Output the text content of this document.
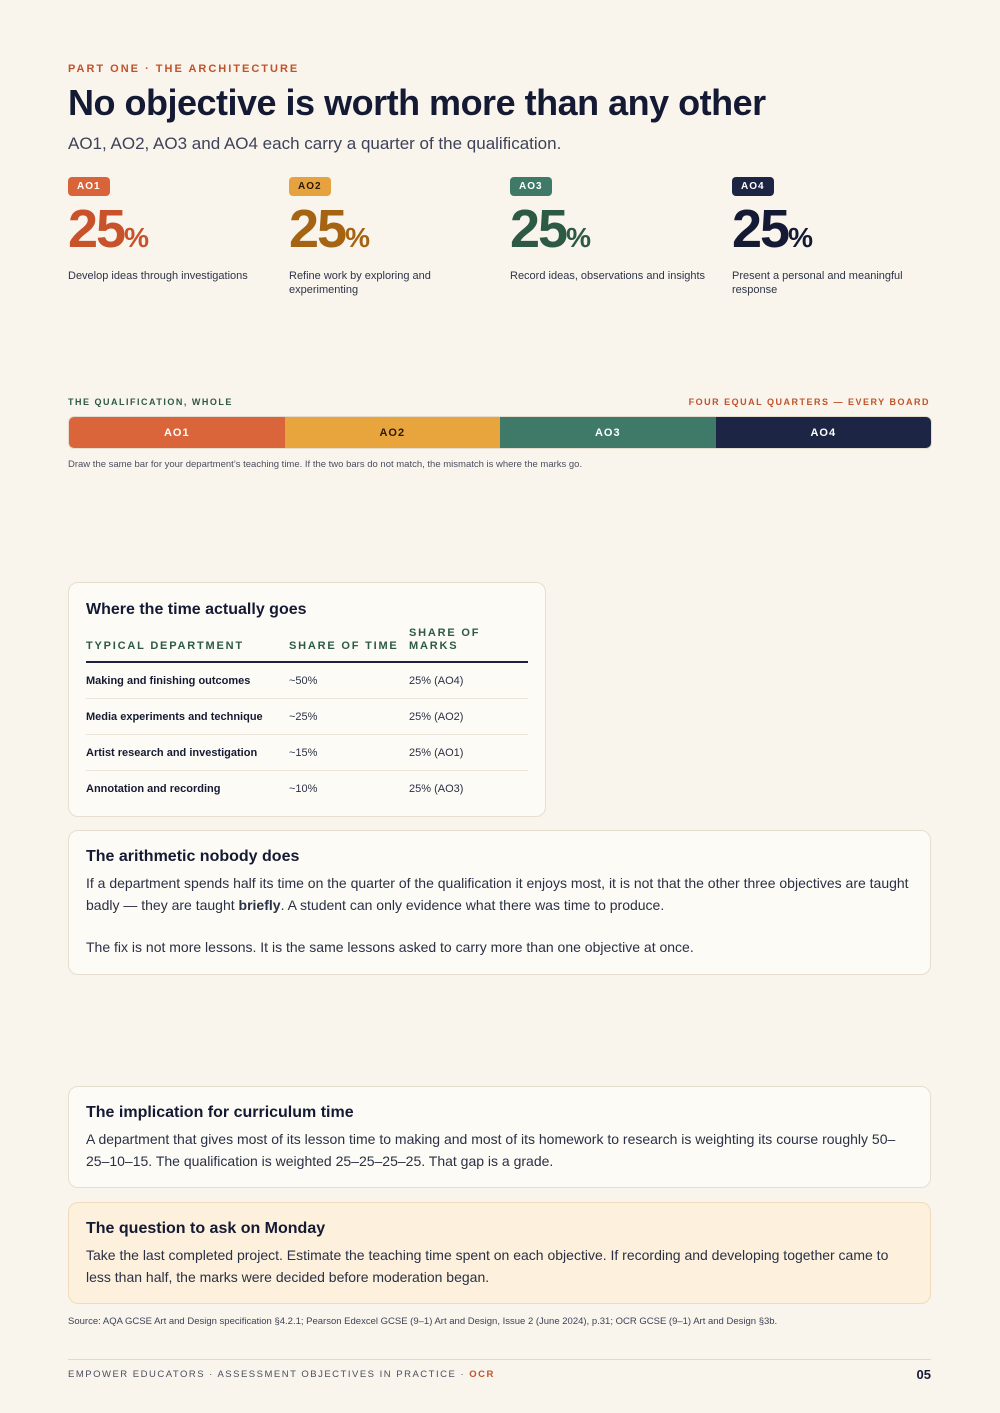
PART ONE · THE ARCHITECTURE
No objective is worth more than any other

AO1, AO2, AO3 and AO4 each carry a quarter of the qualification.

AO1
25%
Develop ideas through investigations
AO2
25%
Refine work by exploring and experimenting
AO3
25%
Record ideas, observations and insights
AO4
25%
Present a personal and meaningful response
THE QUALIFICATION, WHOLE	FOUR EQUAL QUARTERS — EVERY BOARD
AO1	AO2	AO3	AO4
Draw the same bar for your department’s teaching time. If the two bars do not match, the mismatch is where the marks go.
Where the time actually goes
TYPICAL DEPARTMENT	SHARE OF TIME	SHARE OF MARKS
Making and finishing outcomes	~50%	25% (AO4)
Media experiments and technique	~25%	25% (AO2)
Artist research and investigation	~15%	25% (AO1)
Annotation and recording	~10%	25% (AO3)
The arithmetic nobody does

If a department spends half its time on the quarter of the qualification it enjoys most, it is not that the other three objectives are taught badly — they are taught briefly. A student can only evidence what there was time to produce.

The fix is not more lessons. It is the same lessons asked to carry more than one objective at once.

The implication for curriculum time

A department that gives most of its lesson time to making and most of its homework to research is weighting its course roughly 50–25–10–15. The qualification is weighted 25–25–25–25. That gap is a grade.

The question to ask on Monday

Take the last completed project. Estimate the teaching time spent on each objective. If recording and developing together came to less than half, the marks were decided before moderation began.

Source: AQA GCSE Art and Design specification §4.2.1; Pearson Edexcel GCSE (9–1) Art and Design, Issue 2 (June 2024), p.31; OCR GCSE (9–1) Art and Design §3b.
EMPOWER EDUCATORS · ASSESSMENT OBJECTIVES IN PRACTICE · OCR	05
